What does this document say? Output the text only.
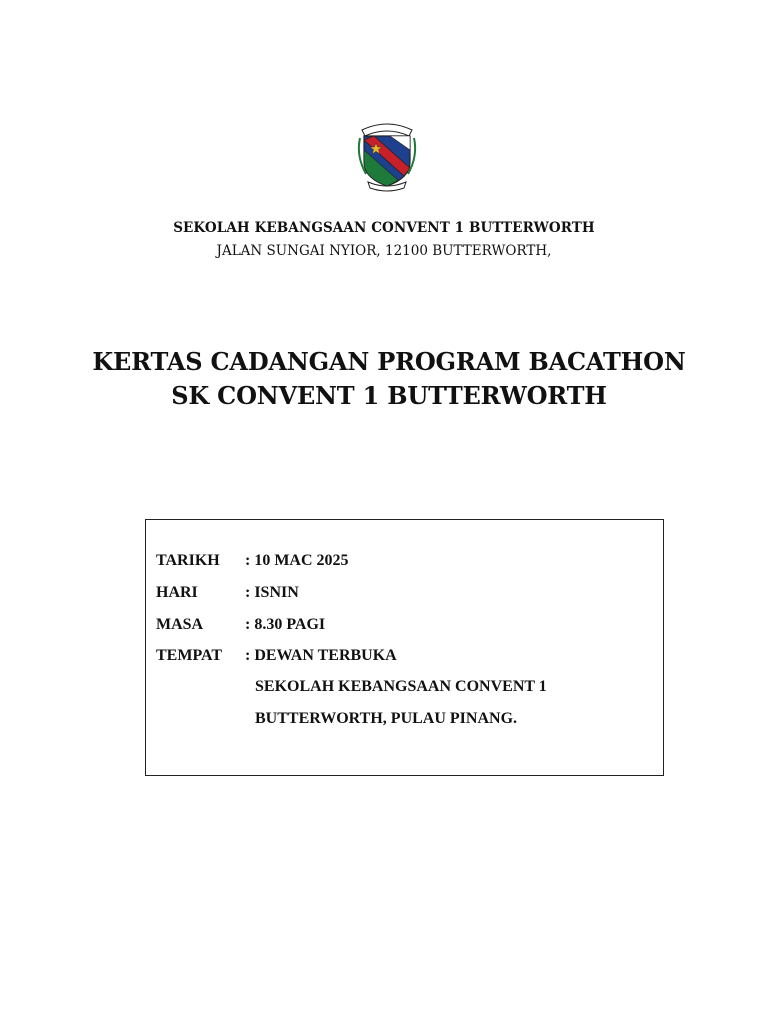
SEKOLAH KEBANGSAAN CONVENT 1 BUTTERWORTH
JALAN SUNGAI NYIOR, 12100 BUTTERWORTH,
KERTAS CADANGAN PROGRAM BACATHON
SK CONVENT 1 BUTTERWORTH
TARIKH : 10 MAC 2025
HARI	: ISNIN
MASA	: 8.30 PAGI
TEMPAT : DEWAN TERBUKA
SEKOLAH KEBANGSAAN CONVENT 1
BUTTERWORTH, PULAU PINANG.
